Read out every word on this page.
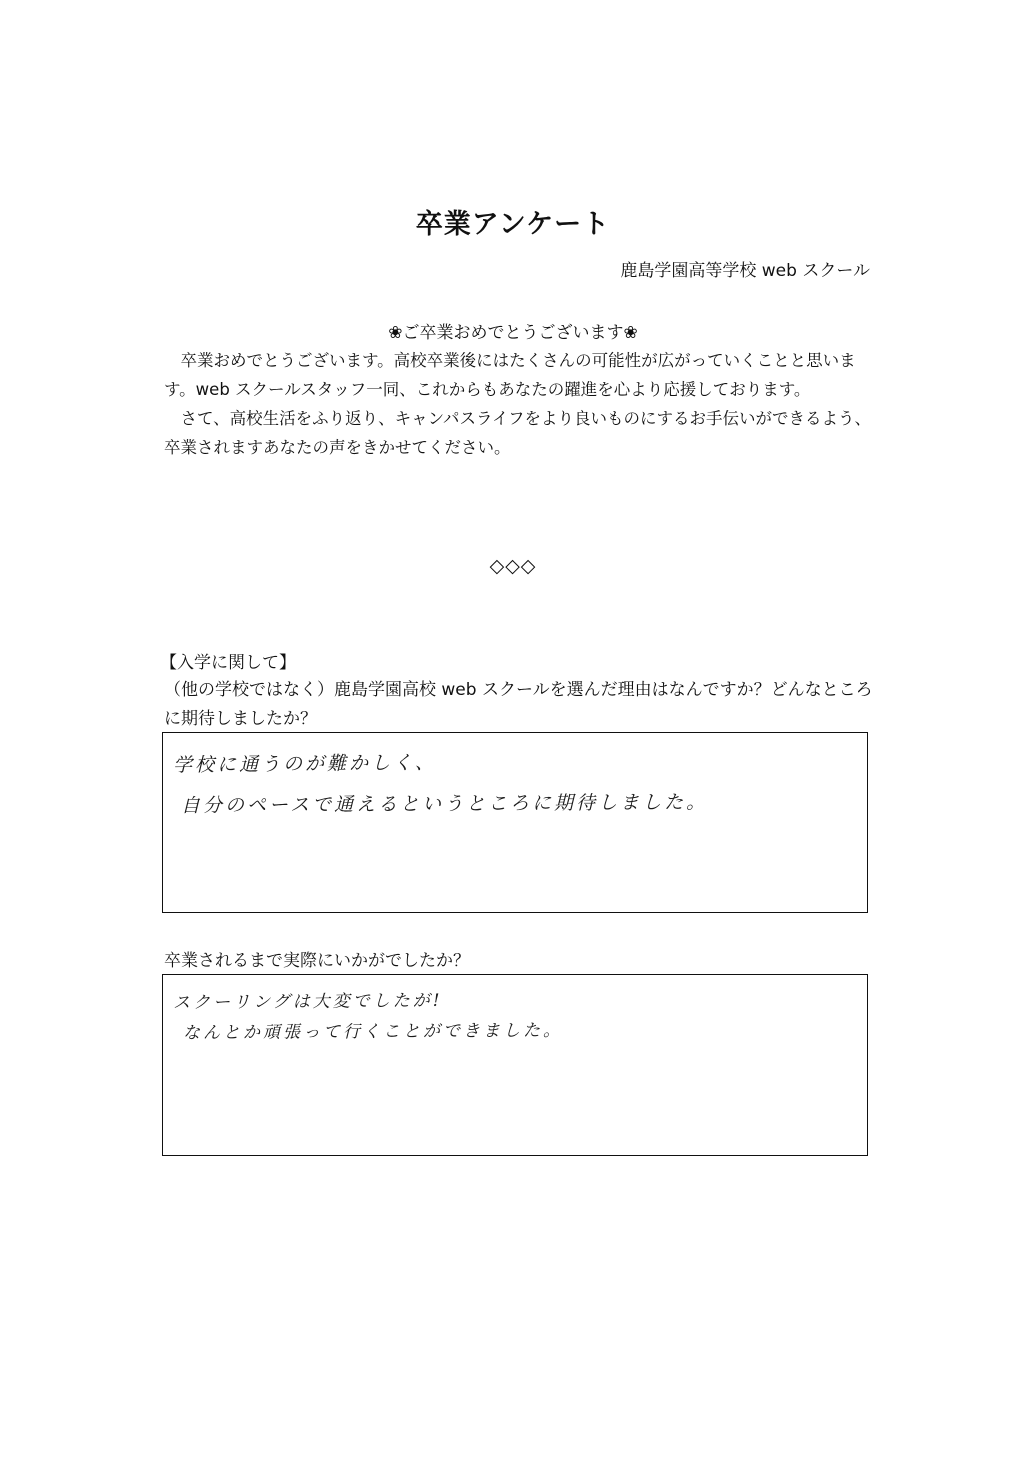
卒業アンケート
鹿島学園高等学校 web スクール
❀ご卒業おめでとうございます❀

卒業おめでとうございます。高校卒業後にはたくさんの可能性が広がっていくことと思います。web スクールスタッフ一同、これからもあなたの躍進を心より応援しております。

さて、高校生活をふり返り、キャンパスライフをより良いものにするお手伝いができるよう、卒業されますあなたの声をきかせてください。

◇◇◇
【入学に関して】
（他の学校ではなく）鹿島学園高校 web スクールを選んだ理由はなんですか？どんなところに期待しましたか？
学校に通うのが難かしく、
自分のペースで通えるというところに期待しました。
卒業されるまで実際にいかがでしたか？
スクーリングは大変でしたが!
なんとか頑張って行くことができました。
